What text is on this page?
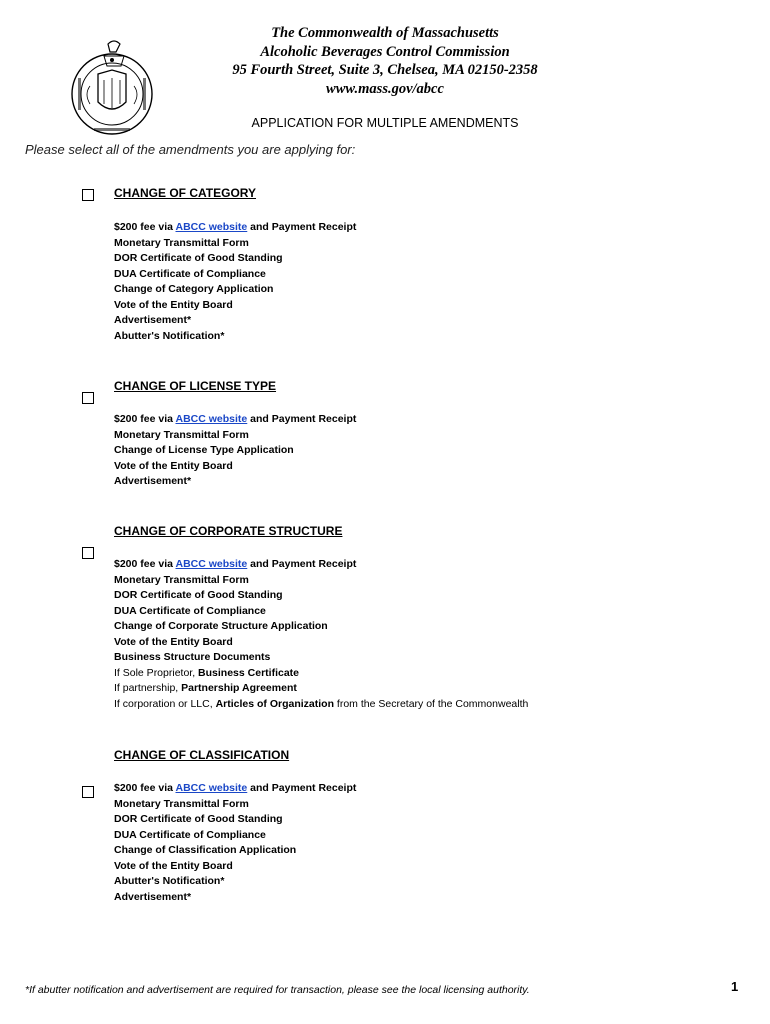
The Commonwealth of Massachusetts
Alcoholic Beverages Control Commission
95 Fourth Street, Suite 3, Chelsea, MA 02150-2358
www.mass.gov/abcc
APPLICATION FOR MULTIPLE AMENDMENTS
Please select all of the amendments you are applying for:
CHANGE OF CATEGORY
$200 fee via ABCC website and Payment Receipt
Monetary Transmittal Form
DOR Certificate of Good Standing
DUA Certificate of Compliance
Change of Category Application
Vote of the Entity Board
Advertisement*
Abutter's Notification*
CHANGE OF LICENSE TYPE
$200 fee via ABCC website and Payment Receipt
Monetary Transmittal Form
Change of License Type Application
Vote of the Entity Board
Advertisement*
CHANGE OF CORPORATE STRUCTURE
$200 fee via ABCC website and Payment Receipt
Monetary Transmittal Form
DOR Certificate of Good Standing
DUA Certificate of Compliance
Change of Corporate Structure Application
Vote of the Entity Board
Business Structure Documents
If Sole Proprietor, Business Certificate
If partnership, Partnership Agreement
If corporation or LLC, Articles of Organization from the Secretary of the Commonwealth
CHANGE OF CLASSIFICATION
$200 fee via ABCC website and Payment Receipt
Monetary Transmittal Form
DOR Certificate of Good Standing
DUA Certificate of Compliance
Change of Classification Application
Vote of the Entity Board
Abutter's Notification*
Advertisement*
*If abutter notification and advertisement are required for transaction, please see the local licensing authority.	1
